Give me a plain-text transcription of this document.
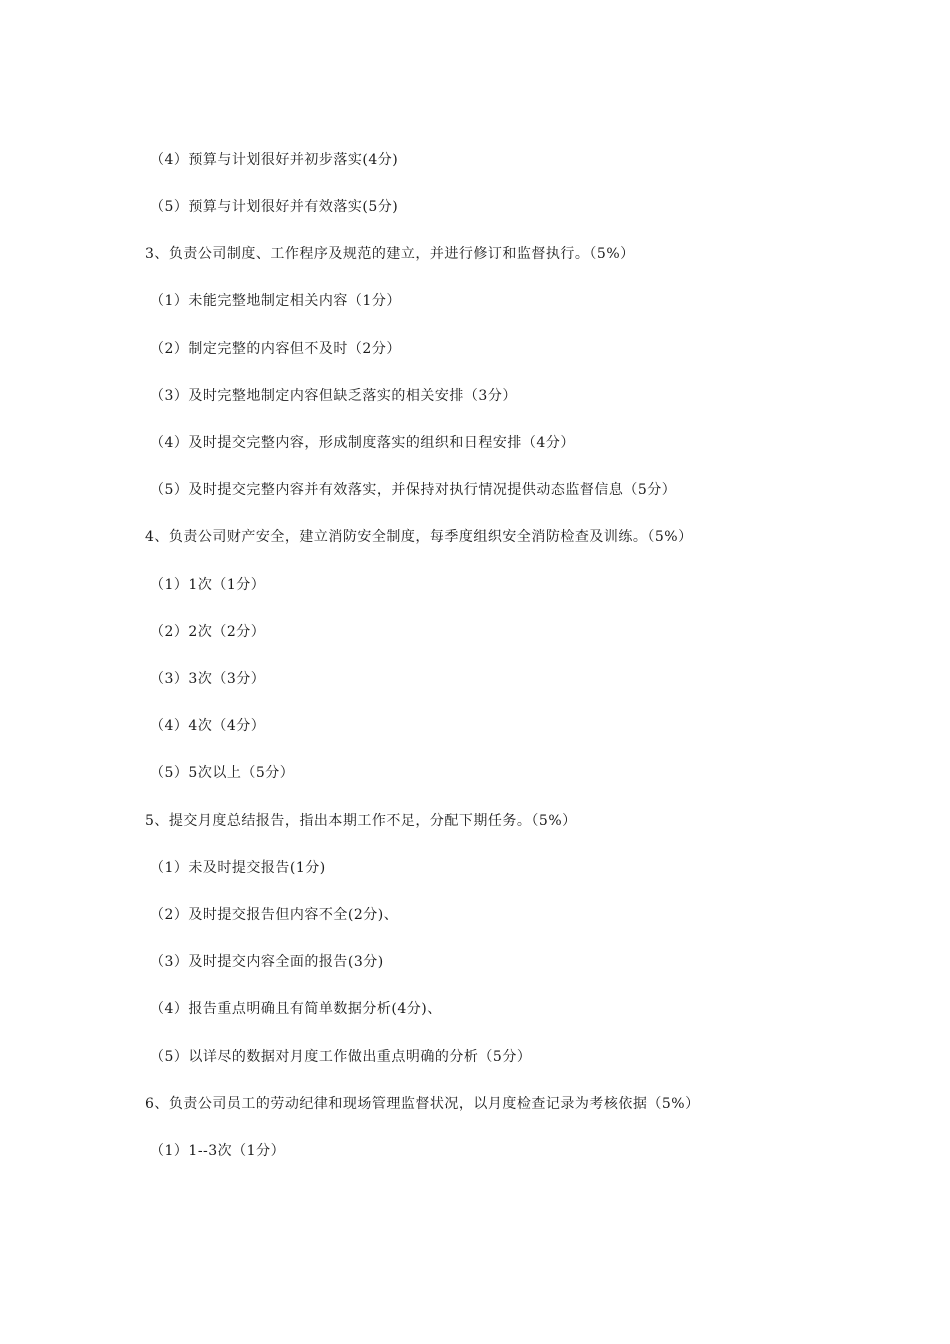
（4）预算与计划很好并初步落实(4分)
（5）预算与计划很好并有效落实(5分)
3、负责公司制度、工作程序及规范的建立，并进行修订和监督执行。（5%）
（1）未能完整地制定相关内容（1分）
（2）制定完整的内容但不及时（2分）
（3）及时完整地制定内容但缺乏落实的相关安排（3分）
（4）及时提交完整内容，形成制度落实的组织和日程安排（4分）
（5）及时提交完整内容并有效落实，并保持对执行情况提供动态监督信息（5分）
4、负责公司财产安全，建立消防安全制度，每季度组织安全消防检查及训练。（5%）
（1）1次（1分）
（2）2次（2分）
（3）3次（3分）
（4）4次（4分）
（5）5次以上（5分）
5、提交月度总结报告，指出本期工作不足，分配下期任务。（5%）
（1）未及时提交报告(1分)
（2）及时提交报告但内容不全(2分)、
（3）及时提交内容全面的报告(3分)
（4）报告重点明确且有简单数据分析(4分)、
（5）以详尽的数据对月度工作做出重点明确的分析（5分）
6、负责公司员工的劳动纪律和现场管理监督状况，以月度检查记录为考核依据（5%）
（1）1--3次（1分）
